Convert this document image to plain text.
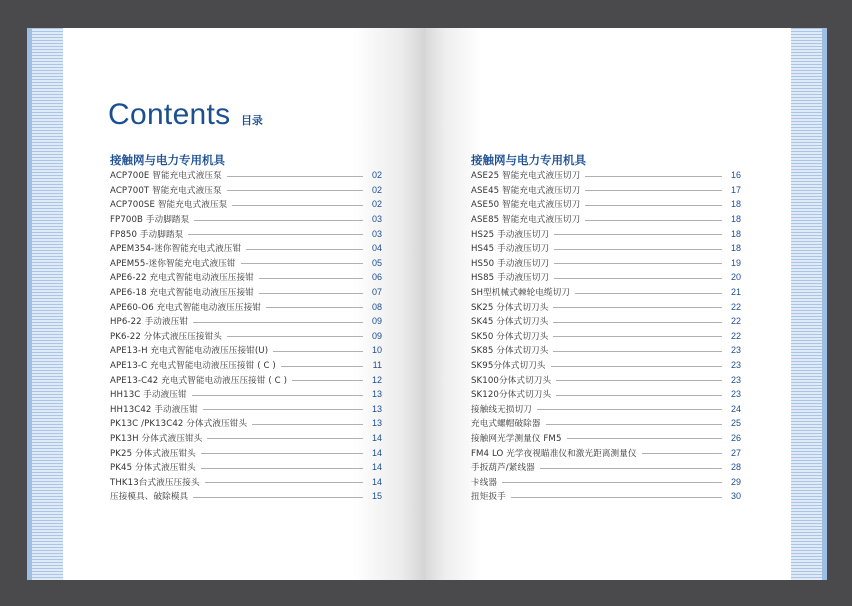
Contents 目录
接触网与电力专用机具
ACP700E 智能充电式液压泵	02
ACP700T 智能充电式液压泵	02
ACP700SE 智能充电式液压泵	02
FP700B 手动脚踏泵	03
FP850 手动脚踏泵	03
APEM354-迷你智能充电式液压钳	04
APEM55-迷你智能充电式液压钳	05
APE6-22 充电式智能电动液压压接钳	06
APE6-18 充电式智能电动液压压接钳	07
APE60-O6 充电式智能电动液压压接钳	08
HP6-22 手动液压钳	09
PK6-22 分体式液压压接钳头	09
APE13-H 充电式智能电动液压压接钳(U)	10
APE13-C 充电式智能电动液压压接钳 ( C )	11
APE13-C42 充电式智能电动液压压接钳 ( C )	12
HH13C 手动液压钳	13
HH13C42 手动液压钳	13
PK13C /PK13C42 分体式液压钳头	13
PK13H 分体式液压钳头	14
PK25 分体式液压钳头	14
PK45 分体式液压钳头	14
THK13台式液压压接头	14
压接模具、破除模具	15
接触网与电力专用机具
ASE25 智能充电式液压切刀	16
ASE45 智能充电式液压切刀	17
ASE50 智能充电式液压切刀	18
ASE85 智能充电式液压切刀	18
HS25 手动液压切刀	18
HS45 手动液压切刀	18
HS50 手动液压切刀	19
HS85 手动液压切刀	20
SH型机械式棘轮电缆切刀	21
SK25 分体式切刀头	22
SK45 分体式切刀头	22
SK50 分体式切刀头	22
SK85 分体式切刀头	23
SK95分体式切刀头	23
SK100分体式切刀头	23
SK120分体式切刀头	23
接触线无损切刀	24
充电式螺帽破除器	25
接触网光学测量仪 FM5	26
FM4 LO 光学夜视瞄准仪和激光距离测量仪	27
手扳葫芦/紧线器	28
卡线器	29
扭矩扳手	30
